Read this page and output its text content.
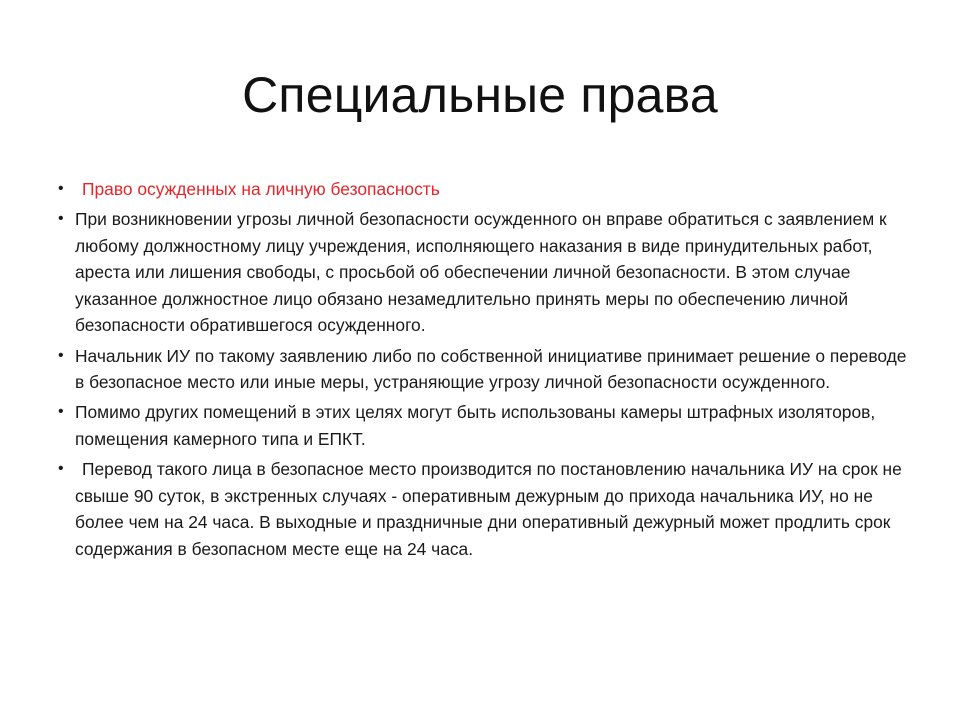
Специальные права
• Право осужденных на личную безопасность
• При возникновении угрозы личной безопасности осужденного он вправе обратиться с заявлением к любому должностному лицу учреждения, исполняющего наказания в виде принудительных работ, ареста или лишения свободы, с просьбой об обеспечении личной безопасности. В этом случае указанное должностное лицо обязано незамедлительно принять меры по обеспечению личной безопасности обратившегося осужденного.
• Начальник ИУ по такому заявлению либо по собственной инициативе принимает решение о переводе в безопасное место или иные меры, устраняющие угрозу личной безопасности осужденного.
• Помимо других помещений в этих целях могут быть использованы камеры штрафных изоляторов, помещения камерного типа и ЕПКТ.
• Перевод такого лица в безопасное место производится по постановлению начальника ИУ на срок не свыше 90 суток, в экстренных случаях - оперативным дежурным до прихода начальника ИУ, но не более чем на 24 часа. В выходные и праздничные дни оперативный дежурный может продлить срок содержания в безопасном месте еще на 24 часа.
